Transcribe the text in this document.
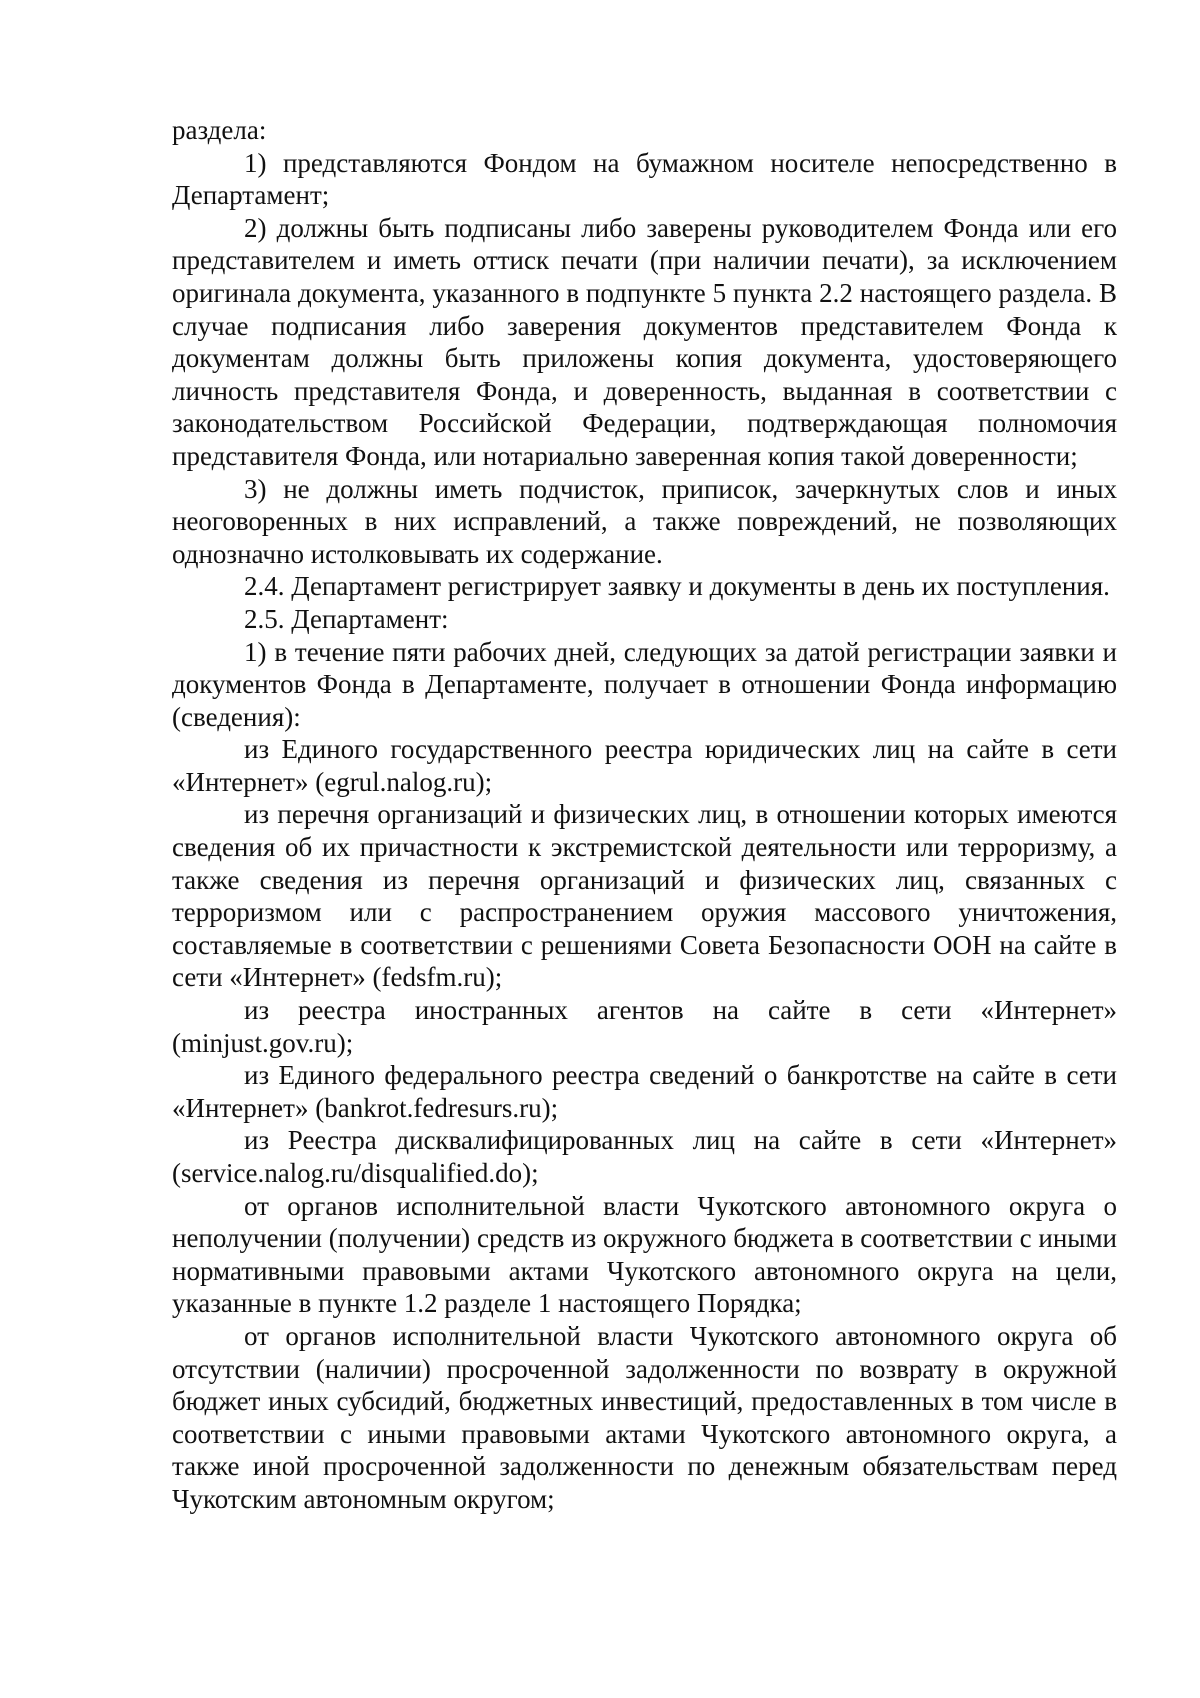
раздела:

1) представляются Фондом на бумажном носителе непосредственно в Департамент;

2) должны быть подписаны либо заверены руководителем Фонда или его представителем и иметь оттиск печати (при наличии печати), за исключением оригинала документа, указанного в подпункте 5 пункта 2.2 настоящего раздела. В случае подписания либо заверения документов представителем Фонда к документам должны быть приложены копия документа, удостоверяющего личность представителя Фонда, и доверенность, выданная в соответствии с законодательством Российской Федерации, подтверждающая полномочия представителя Фонда, или нотариально заверенная копия такой доверенности;

3) не должны иметь подчисток, приписок, зачеркнутых слов и иных неоговоренных в них исправлений, а также повреждений, не позволяющих однозначно истолковывать их содержание.

2.4. Департамент регистрирует заявку и документы в день их поступления.

2.5. Департамент:

1) в течение пяти рабочих дней, следующих за датой регистрации заявки и документов Фонда в Департаменте, получает в отношении Фонда информацию (сведения):

из Единого государственного реестра юридических лиц на сайте в сети «Интернет» (egrul.nalog.ru);

из перечня организаций и физических лиц, в отношении которых имеются сведения об их причастности к экстремистской деятельности или терроризму, а также сведения из перечня организаций и физических лиц, связанных с терроризмом или с распространением оружия массового уничтожения, составляемые в соответствии с решениями Совета Безопасности ООН на сайте в сети «Интернет» (fedsfm.ru);

из реестра иностранных агентов на сайте в сети «Интернет» (minjust.gov.ru);

из Единого федерального реестра сведений о банкротстве на сайте в сети «Интернет» (bankrot.fedresurs.ru);

из Реестра дисквалифицированных лиц на сайте в сети «Интернет» (service.nalog.ru/disqualified.do);

от органов исполнительной власти Чукотского автономного округа о неполучении (получении) средств из окружного бюджета в соответствии с иными нормативными правовыми актами Чукотского автономного округа на цели, указанные в пункте 1.2 разделе 1 настоящего Порядка;

от органов исполнительной власти Чукотского автономного округа об отсутствии (наличии) просроченной задолженности по возврату в окружной бюджет иных субсидий, бюджетных инвестиций, предоставленных в том числе в соответствии с иными правовыми актами Чукотского автономного округа, а также иной просроченной задолженности по денежным обязательствам перед Чукотским автономным округом;
